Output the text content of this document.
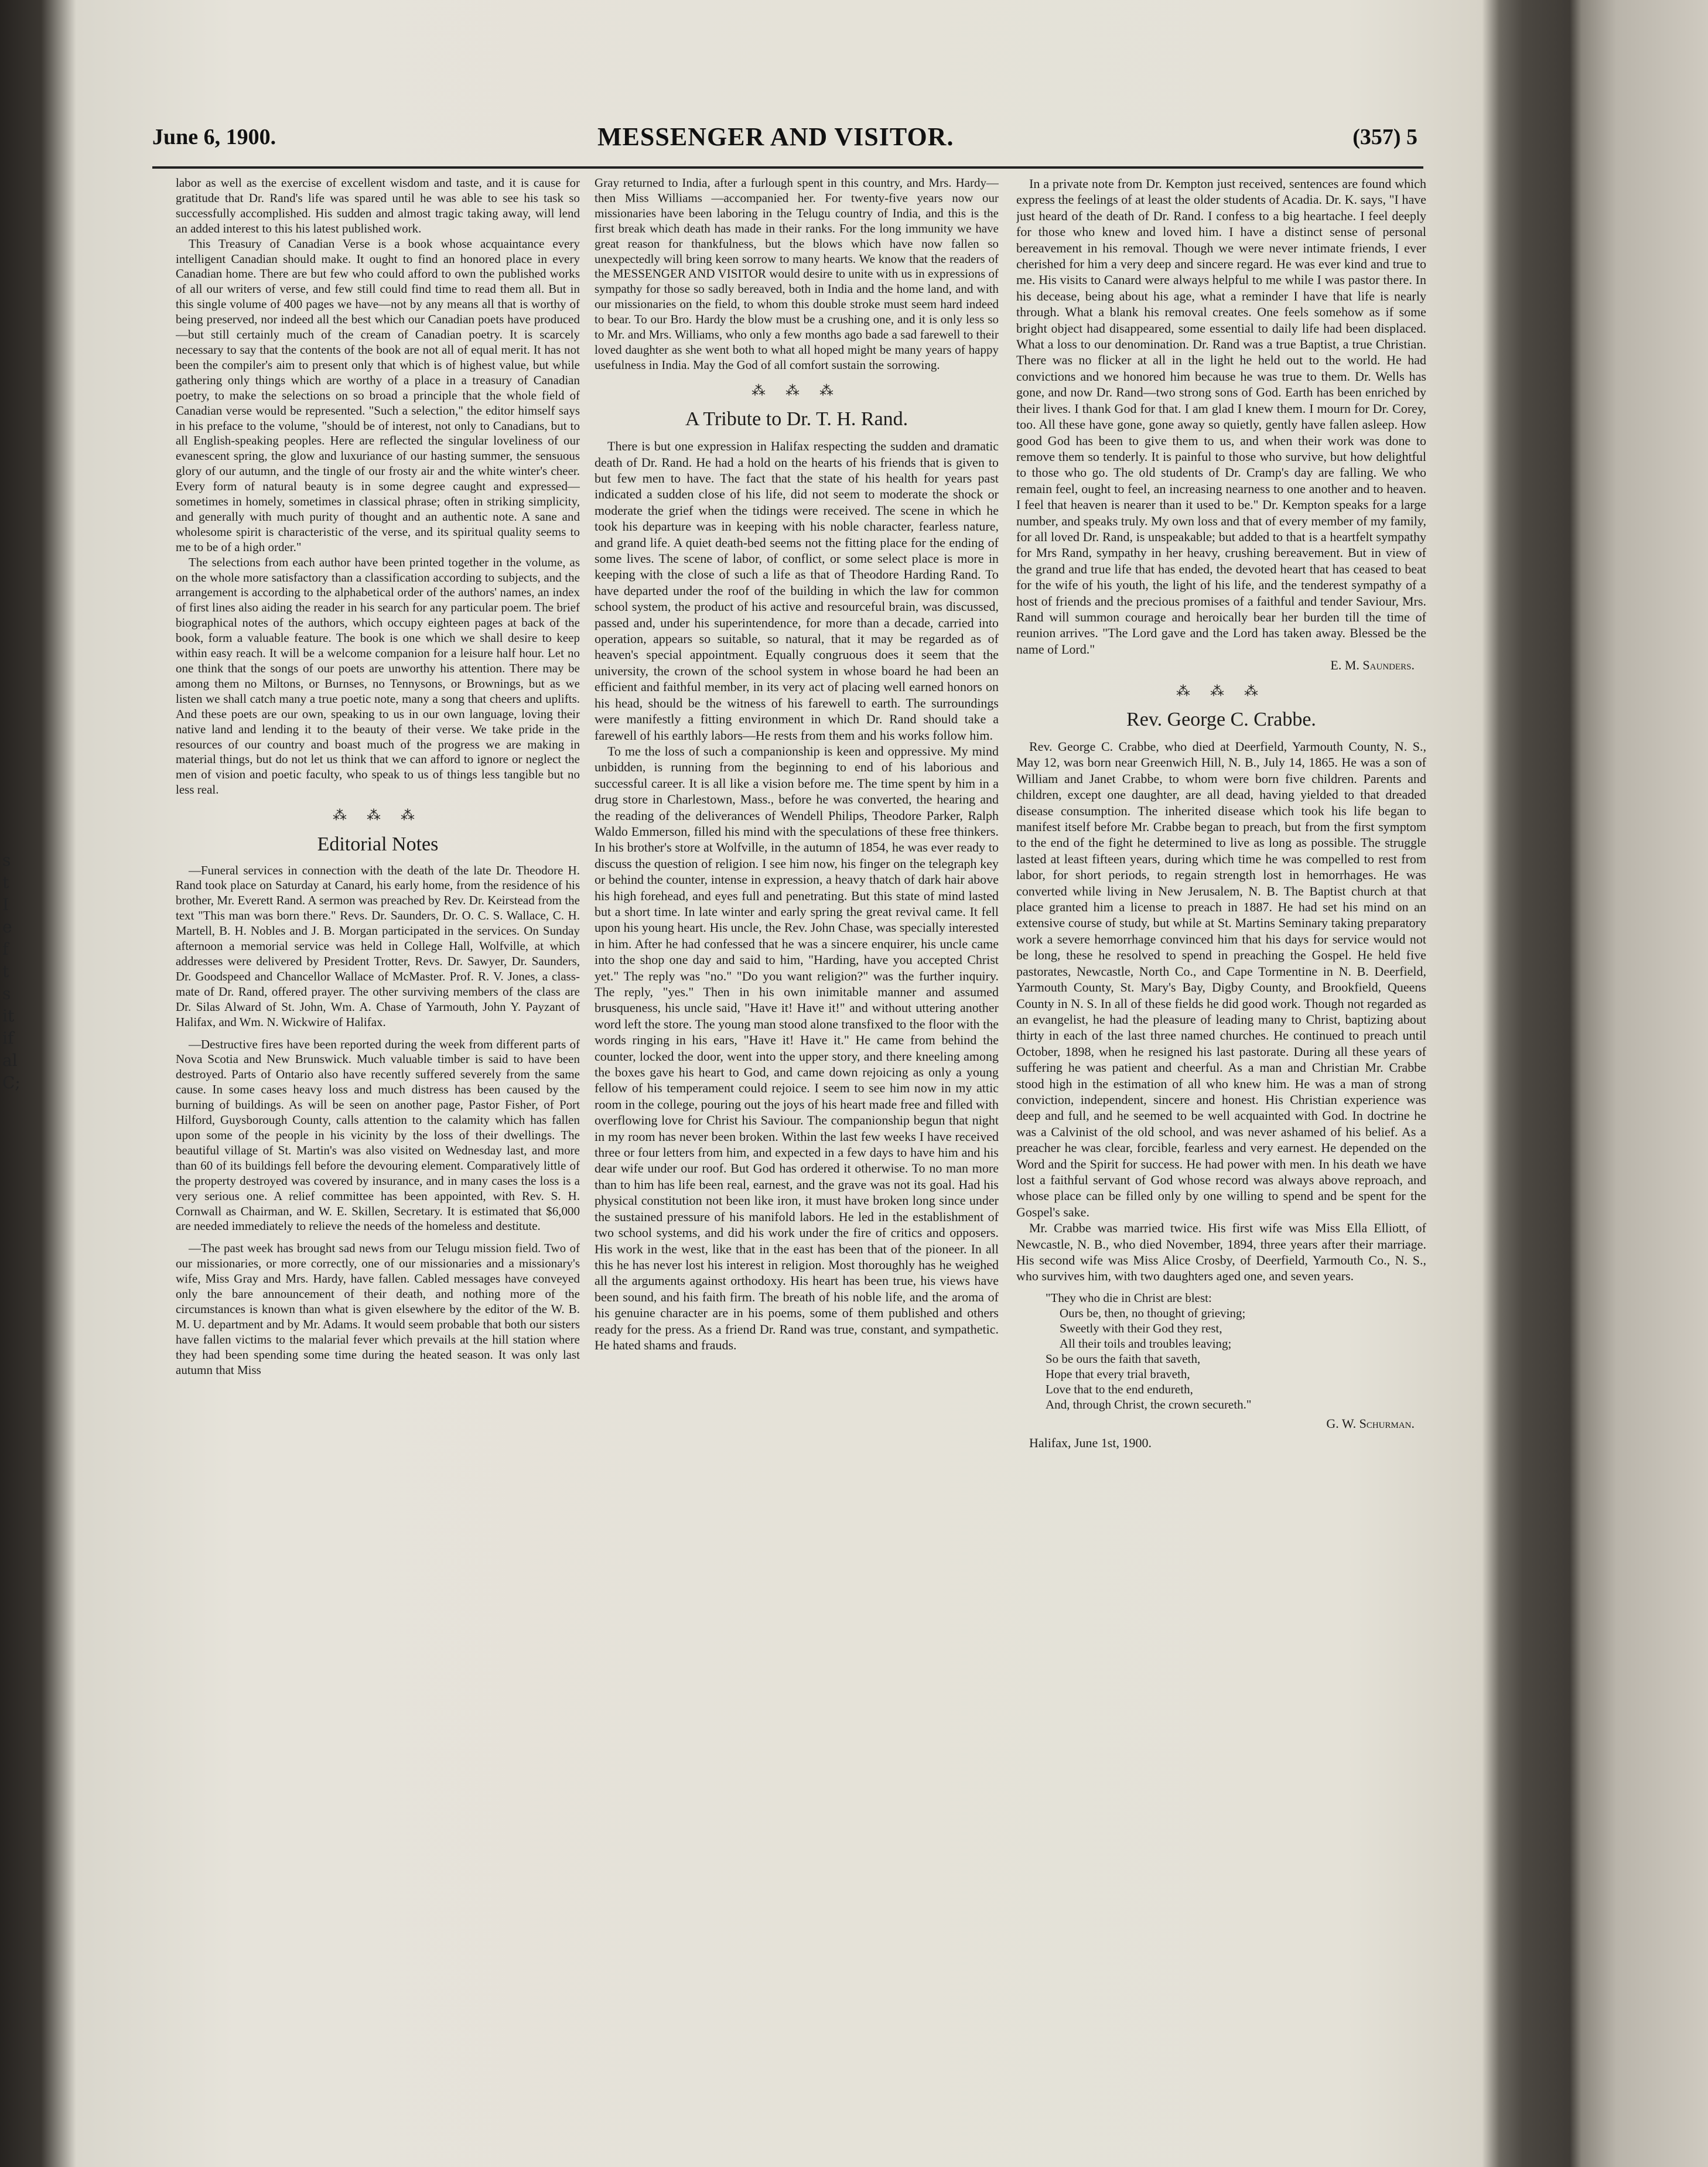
s
t
I
e
f
t
s
it
if
al
C;
June 6, 1900.	MESSENGER AND VISITOR.	(357) 5

labor as well as the exercise of excellent wisdom and taste, and it is cause for gratitude that Dr. Rand's life was spared until he was able to see his task so successfully accomplished. His sudden and almost tragic taking away, will lend an added interest to this his latest published work.

This Treasury of Canadian Verse is a book whose acquaintance every intelligent Canadian should make. It ought to find an honored place in every Canadian home. There are but few who could afford to own the published works of all our writers of verse, and few still could find time to read them all. But in this single volume of 400 pages we have—not by any means all that is worthy of being preserved, nor indeed all the best which our Canadian poets have produced—but still certainly much of the cream of Canadian poetry. It is scarcely necessary to say that the contents of the book are not all of equal merit. It has not been the compiler's aim to present only that which is of highest value, but while gathering only things which are worthy of a place in a treasury of Canadian poetry, to make the selections on so broad a principle that the whole field of Canadian verse would be represented. "Such a selection," the editor himself says in his preface to the volume, "should be of interest, not only to Canadians, but to all English-speaking peoples. Here are reflected the singular loveliness of our evanescent spring, the glow and luxuriance of our hasting summer, the sensuous glory of our autumn, and the tingle of our frosty air and the white winter's cheer. Every form of natural beauty is in some degree caught and expressed—sometimes in homely, sometimes in classical phrase; often in striking simplicity, and generally with much purity of thought and an authentic note. A sane and wholesome spirit is characteristic of the verse, and its spiritual quality seems to me to be of a high order."

The selections from each author have been printed together in the volume, as on the whole more satisfactory than a classification according to subjects, and the arrangement is according to the alphabetical order of the authors' names, an index of first lines also aiding the reader in his search for any particular poem. The brief biographical notes of the authors, which occupy eighteen pages at back of the book, form a valuable feature. The book is one which we shall desire to keep within easy reach. It will be a welcome companion for a leisure half hour. Let no one think that the songs of our poets are unworthy his attention. There may be among them no Miltons, or Burnses, no Tennysons, or Brownings, but as we listen we shall catch many a true poetic note, many a song that cheers and uplifts. And these poets are our own, speaking to us in our own language, loving their native land and lending it to the beauty of their verse. We take pride in the resources of our country and boast much of the progress we are making in material things, but do not let us think that we can afford to ignore or neglect the men of vision and poetic faculty, who speak to us of things less tangible but no less real.

⁂ ⁂ ⁂
Editorial Notes

—Funeral services in connection with the death of the late Dr. Theodore H. Rand took place on Saturday at Canard, his early home, from the residence of his brother, Mr. Everett Rand. A sermon was preached by Rev. Dr. Keirstead from the text "This man was born there." Revs. Dr. Saunders, Dr. O. C. S. Wallace, C. H. Martell, B. H. Nobles and J. B. Morgan participated in the services. On Sunday afternoon a memorial service was held in College Hall, Wolfville, at which addresses were delivered by President Trotter, Revs. Dr. Sawyer, Dr. Saunders, Dr. Goodspeed and Chancellor Wallace of McMaster. Prof. R. V. Jones, a class-mate of Dr. Rand, offered prayer. The other surviving members of the class are Dr. Silas Alward of St. John, Wm. A. Chase of Yarmouth, John Y. Payzant of Halifax, and Wm. N. Wickwire of Halifax.

—Destructive fires have been reported during the week from different parts of Nova Scotia and New Brunswick. Much valuable timber is said to have been destroyed. Parts of Ontario also have recently suffered severely from the same cause. In some cases heavy loss and much distress has been caused by the burning of buildings. As will be seen on another page, Pastor Fisher, of Port Hilford, Guysborough County, calls attention to the calamity which has fallen upon some of the people in his vicinity by the loss of their dwellings. The beautiful village of St. Martin's was also visited on Wednesday last, and more than 60 of its buildings fell before the devouring element. Comparatively little of the property destroyed was covered by insurance, and in many cases the loss is a very serious one. A relief committee has been appointed, with Rev. S. H. Cornwall as Chairman, and W. E. Skillen, Secretary. It is estimated that $6,000 are needed immediately to relieve the needs of the homeless and destitute.

—The past week has brought sad news from our Telugu mission field. Two of our missionaries, or more correctly, one of our missionaries and a missionary's wife, Miss Gray and Mrs. Hardy, have fallen. Cabled messages have conveyed only the bare announcement of their death, and nothing more of the circumstances is known than what is given elsewhere by the editor of the W. B. M. U. department and by Mr. Adams. It would seem probable that both our sisters have fallen victims to the malarial fever which prevails at the hill station where they had been spending some time during the heated season. It was only last autumn that Miss

Gray returned to India, after a furlough spent in this country, and Mrs. Hardy—then Miss Williams —accompanied her. For twenty-five years now our missionaries have been laboring in the Telugu country of India, and this is the first break which death has made in their ranks. For the long immunity we have great reason for thankfulness, but the blows which have now fallen so unexpectedly will bring keen sorrow to many hearts. We know that the readers of the MESSENGER AND VISITOR would desire to unite with us in expressions of sympathy for those so sadly bereaved, both in India and the home land, and with our missionaries on the field, to whom this double stroke must seem hard indeed to bear. To our Bro. Hardy the blow must be a crushing one, and it is only less so to Mr. and Mrs. Williams, who only a few months ago bade a sad farewell to their loved daughter as she went both to what all hoped might be many years of happy usefulness in India. May the God of all comfort sustain the sorrowing.

⁂ ⁂ ⁂
A Tribute to Dr. T. H. Rand.

There is but one expression in Halifax respecting the sudden and dramatic death of Dr. Rand. He had a hold on the hearts of his friends that is given to but few men to have. The fact that the state of his health for years past indicated a sudden close of his life, did not seem to moderate the shock or moderate the grief when the tidings were received. The scene in which he took his departure was in keeping with his noble character, fearless nature, and grand life. A quiet death-bed seems not the fitting place for the ending of some lives. The scene of labor, of conflict, or some select place is more in keeping with the close of such a life as that of Theodore Harding Rand. To have departed under the roof of the building in which the law for common school system, the product of his active and resourceful brain, was discussed, passed and, under his superintendence, for more than a decade, carried into operation, appears so suitable, so natural, that it may be regarded as of heaven's special appointment. Equally congruous does it seem that the university, the crown of the school system in whose board he had been an efficient and faithful member, in its very act of placing well earned honors on his head, should be the witness of his farewell to earth. The surroundings were manifestly a fitting environment in which Dr. Rand should take a farewell of his earthly labors—He rests from them and his works follow him.

To me the loss of such a companionship is keen and oppressive. My mind unbidden, is running from the beginning to end of his laborious and successful career. It is all like a vision before me. The time spent by him in a drug store in Charlestown, Mass., before he was converted, the hearing and the reading of the deliverances of Wendell Philips, Theodore Parker, Ralph Waldo Emmerson, filled his mind with the speculations of these free thinkers. In his brother's store at Wolfville, in the autumn of 1854, he was ever ready to discuss the question of religion. I see him now, his finger on the telegraph key or behind the counter, intense in expression, a heavy thatch of dark hair above his high forehead, and eyes full and penetrating. But this state of mind lasted but a short time. In late winter and early spring the great revival came. It fell upon his young heart. His uncle, the Rev. John Chase, was specially interested in him. After he had confessed that he was a sincere enquirer, his uncle came into the shop one day and said to him, "Harding, have you accepted Christ yet." The reply was "no." "Do you want religion?" was the further inquiry. The reply, "yes." Then in his own inimitable manner and assumed brusqueness, his uncle said, "Have it! Have it!" and without uttering another word left the store. The young man stood alone transfixed to the floor with the words ringing in his ears, "Have it! Have it." He came from behind the counter, locked the door, went into the upper story, and there kneeling among the boxes gave his heart to God, and came down rejoicing as only a young fellow of his temperament could rejoice. I seem to see him now in my attic room in the college, pouring out the joys of his heart made free and filled with overflowing love for Christ his Saviour. The companionship begun that night in my room has never been broken. Within the last few weeks I have received three or four letters from him, and expected in a few days to have him and his dear wife under our roof. But God has ordered it otherwise. To no man more than to him has life been real, earnest, and the grave was not its goal. Had his physical constitution not been like iron, it must have broken long since under the sustained pressure of his manifold labors. He led in the establishment of two school systems, and did his work under the fire of critics and opposers. His work in the west, like that in the east has been that of the pioneer. In all this he has never lost his interest in religion. Most thoroughly has he weighed all the arguments against orthodoxy. His heart has been true, his views have been sound, and his faith firm. The breath of his noble life, and the aroma of his genuine character are in his poems, some of them published and others ready for the press. As a friend Dr. Rand was true, constant, and sympathetic. He hated shams and frauds.

In a private note from Dr. Kempton just received, sentences are found which express the feelings of at least the older students of Acadia. Dr. K. says, "I have just heard of the death of Dr. Rand. I confess to a big heartache. I feel deeply for those who knew and loved him. I have a distinct sense of personal bereavement in his removal. Though we were never intimate friends, I ever cherished for him a very deep and sincere regard. He was ever kind and true to me. His visits to Canard were always helpful to me while I was pastor there. In his decease, being about his age, what a reminder I have that life is nearly through. What a blank his removal creates. One feels somehow as if some bright object had disappeared, some essential to daily life had been displaced. What a loss to our denomination. Dr. Rand was a true Baptist, a true Christian. There was no flicker at all in the light he held out to the world. He had convictions and we honored him because he was true to them. Dr. Wells has gone, and now Dr. Rand—two strong sons of God. Earth has been enriched by their lives. I thank God for that. I am glad I knew them. I mourn for Dr. Corey, too. All these have gone, gone away so quietly, gently have fallen asleep. How good God has been to give them to us, and when their work was done to remove them so tenderly. It is painful to those who survive, but how delightful to those who go. The old students of Dr. Cramp's day are falling. We who remain feel, ought to feel, an increasing nearness to one another and to heaven. I feel that heaven is nearer than it used to be." Dr. Kempton speaks for a large number, and speaks truly. My own loss and that of every member of my family, for all loved Dr. Rand, is unspeakable; but added to that is a heartfelt sympathy for Mrs Rand, sympathy in her heavy, crushing bereavement. But in view of the grand and true life that has ended, the devoted heart that has ceased to beat for the wife of his youth, the light of his life, and the tenderest sympathy of a host of friends and the precious promises of a faithful and tender Saviour, Mrs. Rand will summon courage and heroically bear her burden till the time of reunion arrives. "The Lord gave and the Lord has taken away. Blessed be the name of Lord."

E. M. Saunders.
⁂ ⁂ ⁂
Rev. George C. Crabbe.

Rev. George C. Crabbe, who died at Deerfield, Yarmouth County, N. S., May 12, was born near Greenwich Hill, N. B., July 14, 1865. He was a son of William and Janet Crabbe, to whom were born five children. Parents and children, except one daughter, are all dead, having yielded to that dreaded disease consumption. The inherited disease which took his life began to manifest itself before Mr. Crabbe began to preach, but from the first symptom to the end of the fight he determined to live as long as possible. The struggle lasted at least fifteen years, during which time he was compelled to rest from labor, for short periods, to regain strength lost in hemorrhages. He was converted while living in New Jerusalem, N. B. The Baptist church at that place granted him a license to preach in 1887. He had set his mind on an extensive course of study, but while at St. Martins Seminary taking preparatory work a severe hemorrhage convinced him that his days for service would not be long, these he resolved to spend in preaching the Gospel. He held five pastorates, Newcastle, North Co., and Cape Tormentine in N. B. Deerfield, Yarmouth County, St. Mary's Bay, Digby County, and Brookfield, Queens County in N. S. In all of these fields he did good work. Though not regarded as an evangelist, he had the pleasure of leading many to Christ, baptizing about thirty in each of the last three named churches. He continued to preach until October, 1898, when he resigned his last pastorate. During all these years of suffering he was patient and cheerful. As a man and Christian Mr. Crabbe stood high in the estimation of all who knew him. He was a man of strong conviction, independent, sincere and honest. His Christian experience was deep and full, and he seemed to be well acquainted with God. In doctrine he was a Calvinist of the old school, and was never ashamed of his belief. As a preacher he was clear, forcible, fearless and very earnest. He depended on the Word and the Spirit for success. He had power with men. In his death we have lost a faithful servant of God whose record was always above reproach, and whose place can be filled only by one willing to spend and be spent for the Gospel's sake.

Mr. Crabbe was married twice. His first wife was Miss Ella Elliott, of Newcastle, N. B., who died November, 1894, three years after their marriage. His second wife was Miss Alice Crosby, of Deerfield, Yarmouth Co., N. S., who survives him, with two daughters aged one, and seven years.

"They who die in Christ are blest:
Ours be, then, no thought of grieving;
Sweetly with their God they rest,
All their toils and troubles leaving;
So be ours the faith that saveth,
Hope that every trial braveth,
Love that to the end endureth,
And, through Christ, the crown secureth."
G. W. Schurman.
Halifax, June 1st, 1900.
